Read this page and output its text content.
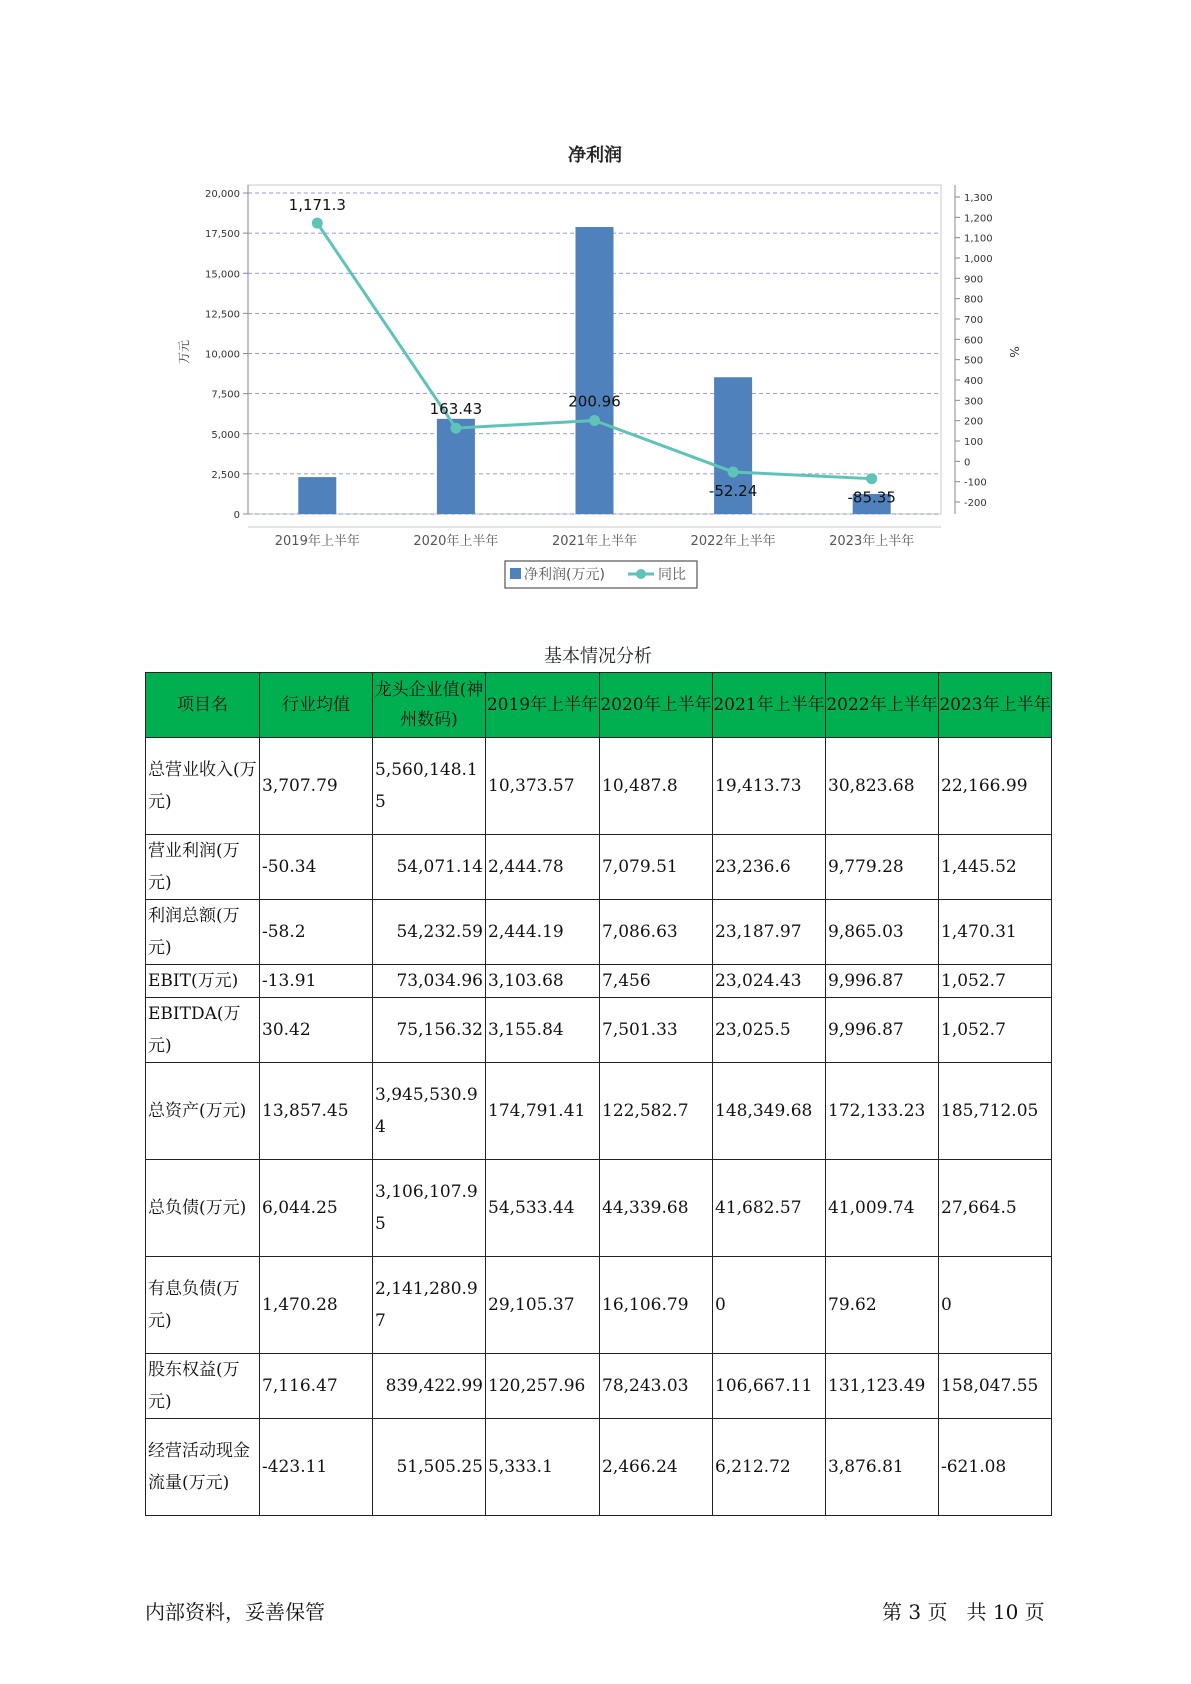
净利润
20,000
17,500
15,000
12,500
10,000
7,500
5,000
2,500
0
万元
1,300
1,200
1,100
1,000
900
800
700
600
500
400
300
200
100
0
-100
-200
%
2019年上半年	2020年上半年	2021年上半年	2022年上半年	2023年上半年
1,171.3
163.43	200.96
-52.24	-85.35
净利润(万元)	同比
基本情况分析
项目名	行业均值	龙头企业值(神州数码)	2019年上半年	2020年上半年	2021年上半年	2022年上半年	2023年上半年
总营业收入(万元)	3,707.79	5,560,148.15	10,373.57	10,487.8	19,413.73	30,823.68	22,166.99
营业利润(万元)	-50.34	54,071.14	2,444.78	7,079.51	23,236.6	9,779.28	1,445.52
利润总额(万元)	-58.2	54,232.59	2,444.19	7,086.63	23,187.97	9,865.03	1,470.31
EBIT(万元)	-13.91	73,034.96	3,103.68	7,456	23,024.43	9,996.87	1,052.7
EBITDA(万元)	30.42	75,156.32	3,155.84	7,501.33	23,025.5	9,996.87	1,052.7
总资产(万元)	13,857.45	3,945,530.94	174,791.41	122,582.7	148,349.68	172,133.23	185,712.05
总负债(万元)	6,044.25	3,106,107.95	54,533.44	44,339.68	41,682.57	41,009.74	27,664.5
有息负债(万元)	1,470.28	2,141,280.97	29,105.37	16,106.79	0	79.62	0
股东权益(万元)	7,116.47	839,422.99	120,257.96	78,243.03	106,667.11	131,123.49	158,047.55
经营活动现金流量(万元)	-423.11	51,505.25	5,333.1	2,466.24	6,212.72	3,876.81	-621.08
内部资料，妥善保管	第 3 页   共 10 页
